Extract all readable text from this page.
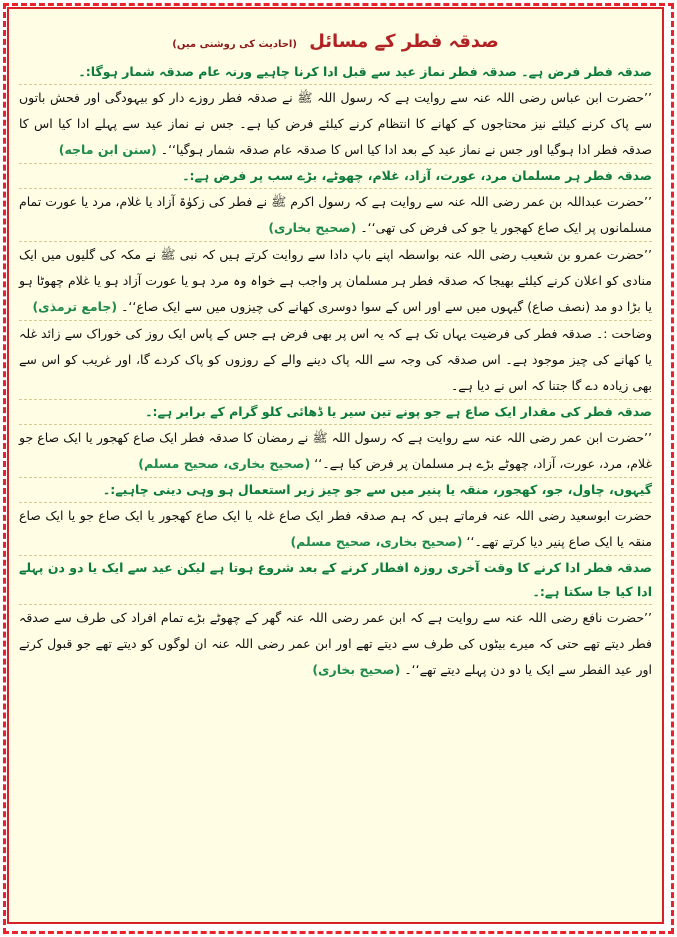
صدقہ فطر کے مسائل (احادیث کی روشنی میں)

صدقہ فطر فرض ہے۔ صدقہ فطر نماز عید سے قبل ادا کرنا چاہیے ورنہ عام صدقہ شمار ہوگا:۔

’’حضرت ابن عباس رضی اللہ عنہ سے روایت ہے کہ رسول اللہ ﷺ نے صدقہ فطر روزے دار کو بیہودگی اور فحش باتوں سے پاک کرنے کیلئے نیز محتاجوں کے کھانے کا انتظام کرنے کیلئے فرض کیا ہے۔ جس نے نماز عید سے پہلے ادا کیا اس کا صدقہ فطر ادا ہوگیا اور جس نے نماز عید کے بعد ادا کیا اس کا صدقہ عام صدقہ شمار ہوگیا‘‘۔ (سنن ابن ماجه)

صدقہ فطر ہر مسلمان مرد، عورت، آزاد، غلام، چھوٹے، بڑے سب پر فرض ہے:۔

’’حضرت عبداللہ بن عمر رضی اللہ عنہ سے روایت ہے کہ رسول اکرم ﷺ نے فطر کی زکوٰۃ آزاد یا غلام، مرد یا عورت تمام مسلمانوں پر ایک صاع کھجور یا جو کی فرض کی تھی‘‘۔ (صحيح بخاری)

’’حضرت عمرو بن شعیب رضی اللہ عنہ بواسطہ اپنے باپ دادا سے روایت کرتے ہیں کہ نبی ﷺ نے مکہ کی گلیوں میں ایک منادی کو اعلان کرنے کیلئے بھیجا کہ صدقہ فطر ہر مسلمان پر واجب ہے خواہ وہ مرد ہو یا عورت آزاد ہو یا غلام چھوٹا ہو یا بڑا دو مد (نصف صاع) گیہوں میں سے اور اس کے سوا دوسری کھانے کی چیزوں میں سے ایک صاع‘‘۔ (جامع ترمذی)

وضاحت :۔ صدقہ فطر کی فرضیت یہاں تک ہے کہ یہ اس پر بھی فرض ہے جس کے پاس ایک روز کی خوراک سے زائد غلہ یا کھانے کی چیز موجود ہے۔ اس صدقہ کی وجہ سے اللہ پاک دینے والے کے روزوں کو پاک کردے گا، اور غریب کو اس سے بھی زیادہ دے گا جتنا کہ اس نے دیا ہے۔

صدقہ فطر کی مقدار ایک صاع ہے جو پونے تین سیر یا ڈھائی کلو گرام کے برابر ہے:۔

’’حضرت ابن عمر رضی اللہ عنہ سے روایت ہے کہ رسول اللہ ﷺ نے رمضان کا صدقہ فطر ایک صاع کھجور یا ایک صاع جو غلام، مرد، عورت، آزاد، چھوٹے بڑے ہر مسلمان پر فرض کیا ہے۔‘‘ (صحيح بخاری، صحيح مسلم)

گیہوں، چاول، جو، کھجور، منقہ یا پنیر میں سے جو چیز زیر استعمال ہو وہی دینی چاہیے:۔

حضرت ابوسعید رضی اللہ عنہ فرماتے ہیں کہ ہم صدقہ فطر ایک صاع غلہ یا ایک صاع کھجور یا ایک صاع جو یا ایک صاع منقہ یا ایک صاع پنیر دیا کرتے تھے۔‘‘ (صحيح بخاری، صحيح مسلم)

صدقہ فطر ادا کرنے کا وقت آخری روزہ افطار کرنے کے بعد شروع ہوتا ہے لیکن عید سے ایک یا دو دن پہلے ادا کیا جا سکتا ہے:۔

’’حضرت نافع رضی اللہ عنہ سے روایت ہے کہ ابن عمر رضی اللہ عنہ گھر کے چھوٹے بڑے تمام افراد کی طرف سے صدقہ فطر دیتے تھے حتی کہ میرے بیٹوں کی طرف سے دیتے تھے اور ابن عمر رضی اللہ عنہ ان لوگوں کو دیتے تھے جو قبول کرتے اور عید الفطر سے ایک یا دو دن پہلے دیتے تھے‘‘۔ (صحيح بخاری)
